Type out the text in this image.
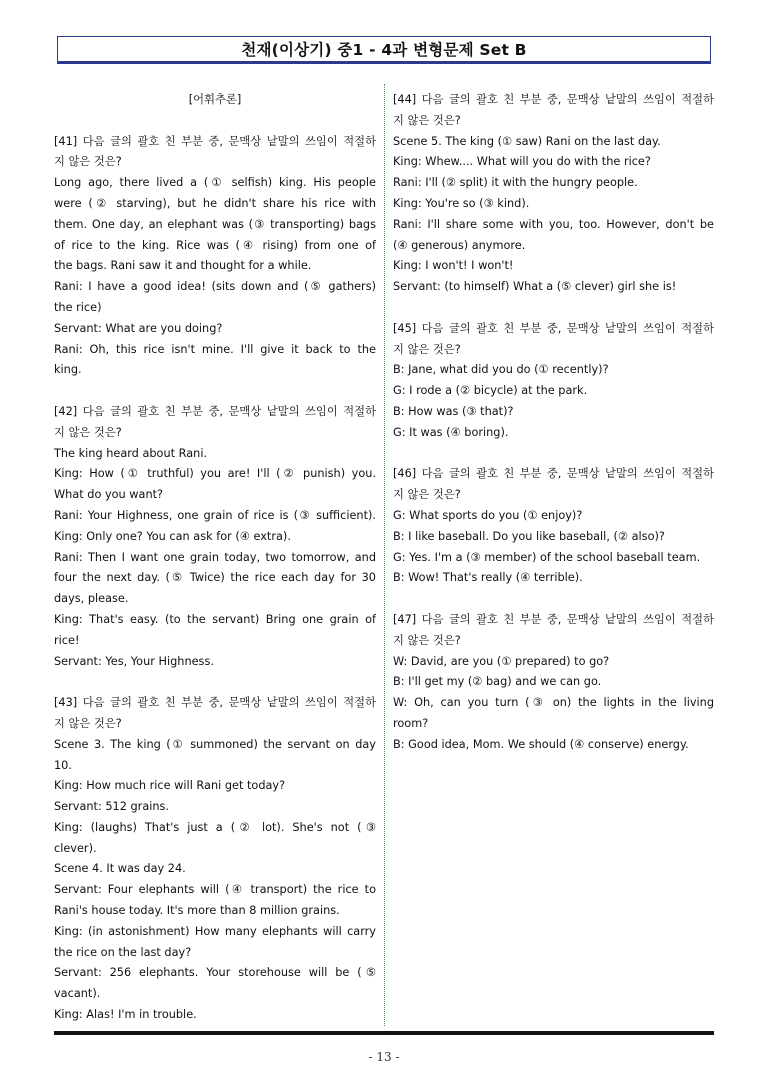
천재(이상기) 중1 - 4과 변형문제 Set B
[어휘추론]
[41] 다음 글의 괄호 친 부분 중, 문맥상 낱말의 쓰임이 적절하
지 않은 것은?
Long ago, there lived a (① selfish) king. His people
were (② starving), but he didn't share his rice with
them. One day, an elephant was (③ transporting) bags
of rice to the king. Rice was (④ rising) from one of
the bags. Rani saw it and thought for a while.
Rani: I have a good idea! (sits down and (⑤ gathers)
the rice)
Servant: What are you doing?
Rani: Oh, this rice isn't mine. I'll give it back to the
king.
[42] 다음 글의 괄호 친 부분 중, 문맥상 낱말의 쓰임이 적절하
지 않은 것은?
The king heard about Rani.
King: How (① truthful) you are! I'll (② punish) you.
What do you want?
Rani: Your Highness, one grain of rice is (③ sufficient).
King: Only one? You can ask for (④ extra).
Rani: Then I want one grain today, two tomorrow, and
four the next day. (⑤ Twice) the rice each day for 30
days, please.
King: That's easy. (to the servant) Bring one grain of
rice!
Servant: Yes, Your Highness.
[43] 다음 글의 괄호 친 부분 중, 문맥상 낱말의 쓰임이 적절하
지 않은 것은?
Scene 3. The king (① summoned) the servant on day
10.
King: How much rice will Rani get today?
Servant: 512 grains.
King: (laughs) That's just a (② lot). She's not (③
clever).
Scene 4. It was day 24.
Servant: Four elephants will (④ transport) the rice to
Rani's house today. It's more than 8 million grains.
King: (in astonishment) How many elephants will carry
the rice on the last day?
Servant: 256 elephants. Your storehouse will be (⑤
vacant).
King: Alas! I'm in trouble.
[44] 다음 글의 괄호 친 부분 중, 문맥상 낱말의 쓰임이 적절하
지 않은 것은?
Scene 5. The king (① saw) Rani on the last day.
King: Whew.... What will you do with the rice?
Rani: I'll (② split) it with the hungry people.
King: You're so (③ kind).
Rani: I'll share some with you, too. However, don't be
(④ generous) anymore.
King: I won't! I won't!
Servant: (to himself) What a (⑤ clever) girl she is!
[45] 다음 글의 괄호 친 부분 중, 문맥상 낱말의 쓰임이 적절하
지 않은 것은?
B: Jane, what did you do (① recently)?
G: I rode a (② bicycle) at the park.
B: How was (③ that)?
G: It was (④ boring).
[46] 다음 글의 괄호 친 부분 중, 문맥상 낱말의 쓰임이 적절하
지 않은 것은?
G: What sports do you (① enjoy)?
B: I like baseball. Do you like baseball, (② also)?
G: Yes. I'm a (③ member) of the school baseball team.
B: Wow! That's really (④ terrible).
[47] 다음 글의 괄호 친 부분 중, 문맥상 낱말의 쓰임이 적절하
지 않은 것은?
W: David, are you (① prepared) to go?
B: I'll get my (② bag) and we can go.
W: Oh, can you turn (③ on) the lights in the living
room?
B: Good idea, Mom. We should (④ conserve) energy.
- 13 -
